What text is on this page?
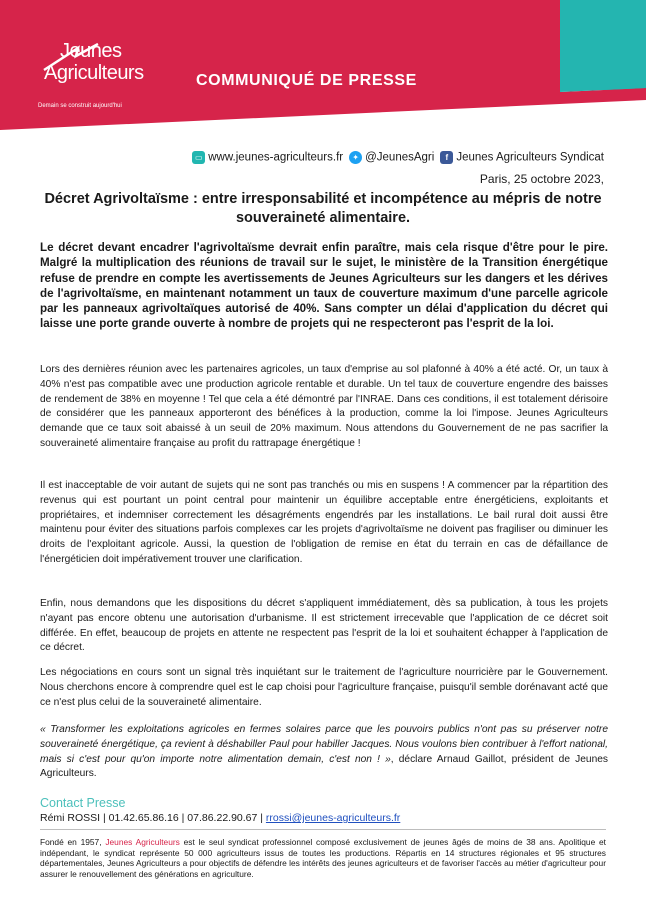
Jeunes
Agriculteurs
Demain se construit aujourd'hui
COMMUNIQUÉ DE PRESSE
▭ www.jeunes-agriculteurs.fr	✦ @JeunesAgri	f Jeunes Agriculteurs Syndicat
Paris, 25 octobre 2023,
Décret Agrivoltaïsme : entre irresponsabilité et incompétence au mépris de notre souveraineté alimentaire.
Le décret devant encadrer l'agrivoltaïsme devrait enfin paraître, mais cela risque d'être pour le pire. Malgré la multiplication des réunions de travail sur le sujet, le ministère de la Transition énergétique refuse de prendre en compte les avertissements de Jeunes Agriculteurs sur les dangers et les dérives de l'agrivoltaïsme, en maintenant notamment un taux de couverture maximum d'une parcelle agricole par les panneaux agrivoltaïques autorisé de 40%. Sans compter un délai d'application du décret qui laisse une porte grande ouverte à nombre de projets qui ne respecteront pas l'esprit de la loi.

Lors des dernières réunion avec les partenaires agricoles, un taux d'emprise au sol plafonné à 40% a été acté. Or, un taux à 40% n'est pas compatible avec une production agricole rentable et durable. Un tel taux de couverture engendre des baisses de rendement de 38% en moyenne ! Tel que cela a été démontré par l'INRAE. Dans ces conditions, il est totalement dérisoire de considérer que les panneaux apporteront des bénéfices à la production, comme la loi l'impose. Jeunes Agriculteurs demande que ce taux soit abaissé à un seuil de 20% maximum. Nous attendons du Gouvernement de ne pas sacrifier la souveraineté alimentaire française au profit du rattrapage énergétique !

Il est inacceptable de voir autant de sujets qui ne sont pas tranchés ou mis en suspens ! A commencer par la répartition des revenus qui est pourtant un point central pour maintenir un équilibre acceptable entre énergéticiens, exploitants et propriétaires, et indemniser correctement les désagréments engendrés par les installations. Le bail rural doit aussi être maintenu pour éviter des situations parfois complexes car les projets d'agrivoltaïsme ne doivent pas fragiliser ou diminuer les droits de l'exploitant agricole. Aussi, la question de l'obligation de remise en état du terrain en cas de défaillance de l'énergéticien doit impérativement trouver une clarification.

Enfin, nous demandons que les dispositions du décret s'appliquent immédiatement, dès sa publication, à tous les projets n'ayant pas encore obtenu une autorisation d'urbanisme. Il est strictement irrecevable que l'application de ce décret soit différée. En effet, beaucoup de projets en attente ne respectent pas l'esprit de la loi et souhaitent échapper à l'application de ce décret.

Les négociations en cours sont un signal très inquiétant sur le traitement de l'agriculture nourricière par le Gouvernement. Nous cherchons encore à comprendre quel est le cap choisi pour l'agriculture française, puisqu'il semble dorénavant acté que ce n'est plus celui de la souveraineté alimentaire.

« Transformer les exploitations agricoles en fermes solaires parce que les pouvoirs publics n'ont pas su préserver notre souveraineté énergétique, ça revient à déshabiller Paul pour habiller Jacques. Nous voulons bien contribuer à l'effort national, mais si c'est pour qu'on importe notre alimentation demain, c'est non ! », déclare Arnaud Gaillot, président de Jeunes Agriculteurs.

Contact Presse
Rémi ROSSI | 01.42.65.86.16 | 07.86.22.90.67 | rrossi@jeunes-agriculteurs.fr
Fondé en 1957, Jeunes Agriculteurs est le seul syndicat professionnel composé exclusivement de jeunes âgés de moins de 38 ans. Apolitique et indépendant, le syndicat représente 50 000 agriculteurs issus de toutes les productions. Répartis en 14 structures régionales et 95 structures départementales, Jeunes Agriculteurs a pour objectifs de défendre les intérêts des jeunes agriculteurs et de favoriser l'accès au métier d'agriculteur pour assurer le renouvellement des générations en agriculture.
